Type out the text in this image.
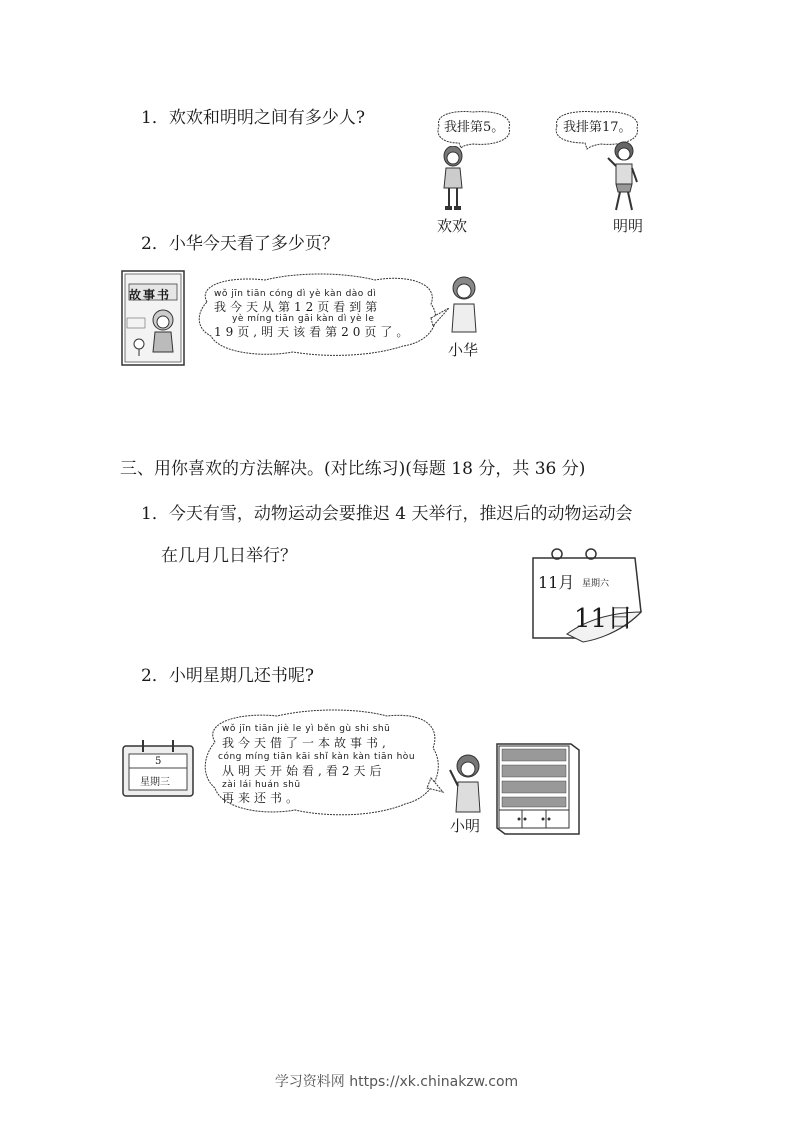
1．欢欢和明明之间有多少人?	我排第5。
欢欢
我排第17。
明明
2．小华今天看了多少页？
故事书	wǒ jīn tiān cóng dì yè kàn dào dì
我今天从第12页看到第
yè míng tiān gāi kàn dì yè le
19页,明天该看第20页了。
小华
三、用你喜欢的方法解决。(对比练习)(每题 18 分，共 36 分)
1．今天有雪，动物运动会要推迟 4 天举行，推迟后的动物运动会
在几月几日举行？
11月 星期六
11日
2．小明星期几还书呢?
5
星期三
wǒ jīn tiān jiè le yì běn gù shi shū
我今天借了一本故事书,
cóng míng tiān kāi shǐ kàn kàn tiān hòu
从明天开始看,看2天后
zài lái huán shū
再来还书。
小明
学习资料网 https://xk.chinakzw.com
